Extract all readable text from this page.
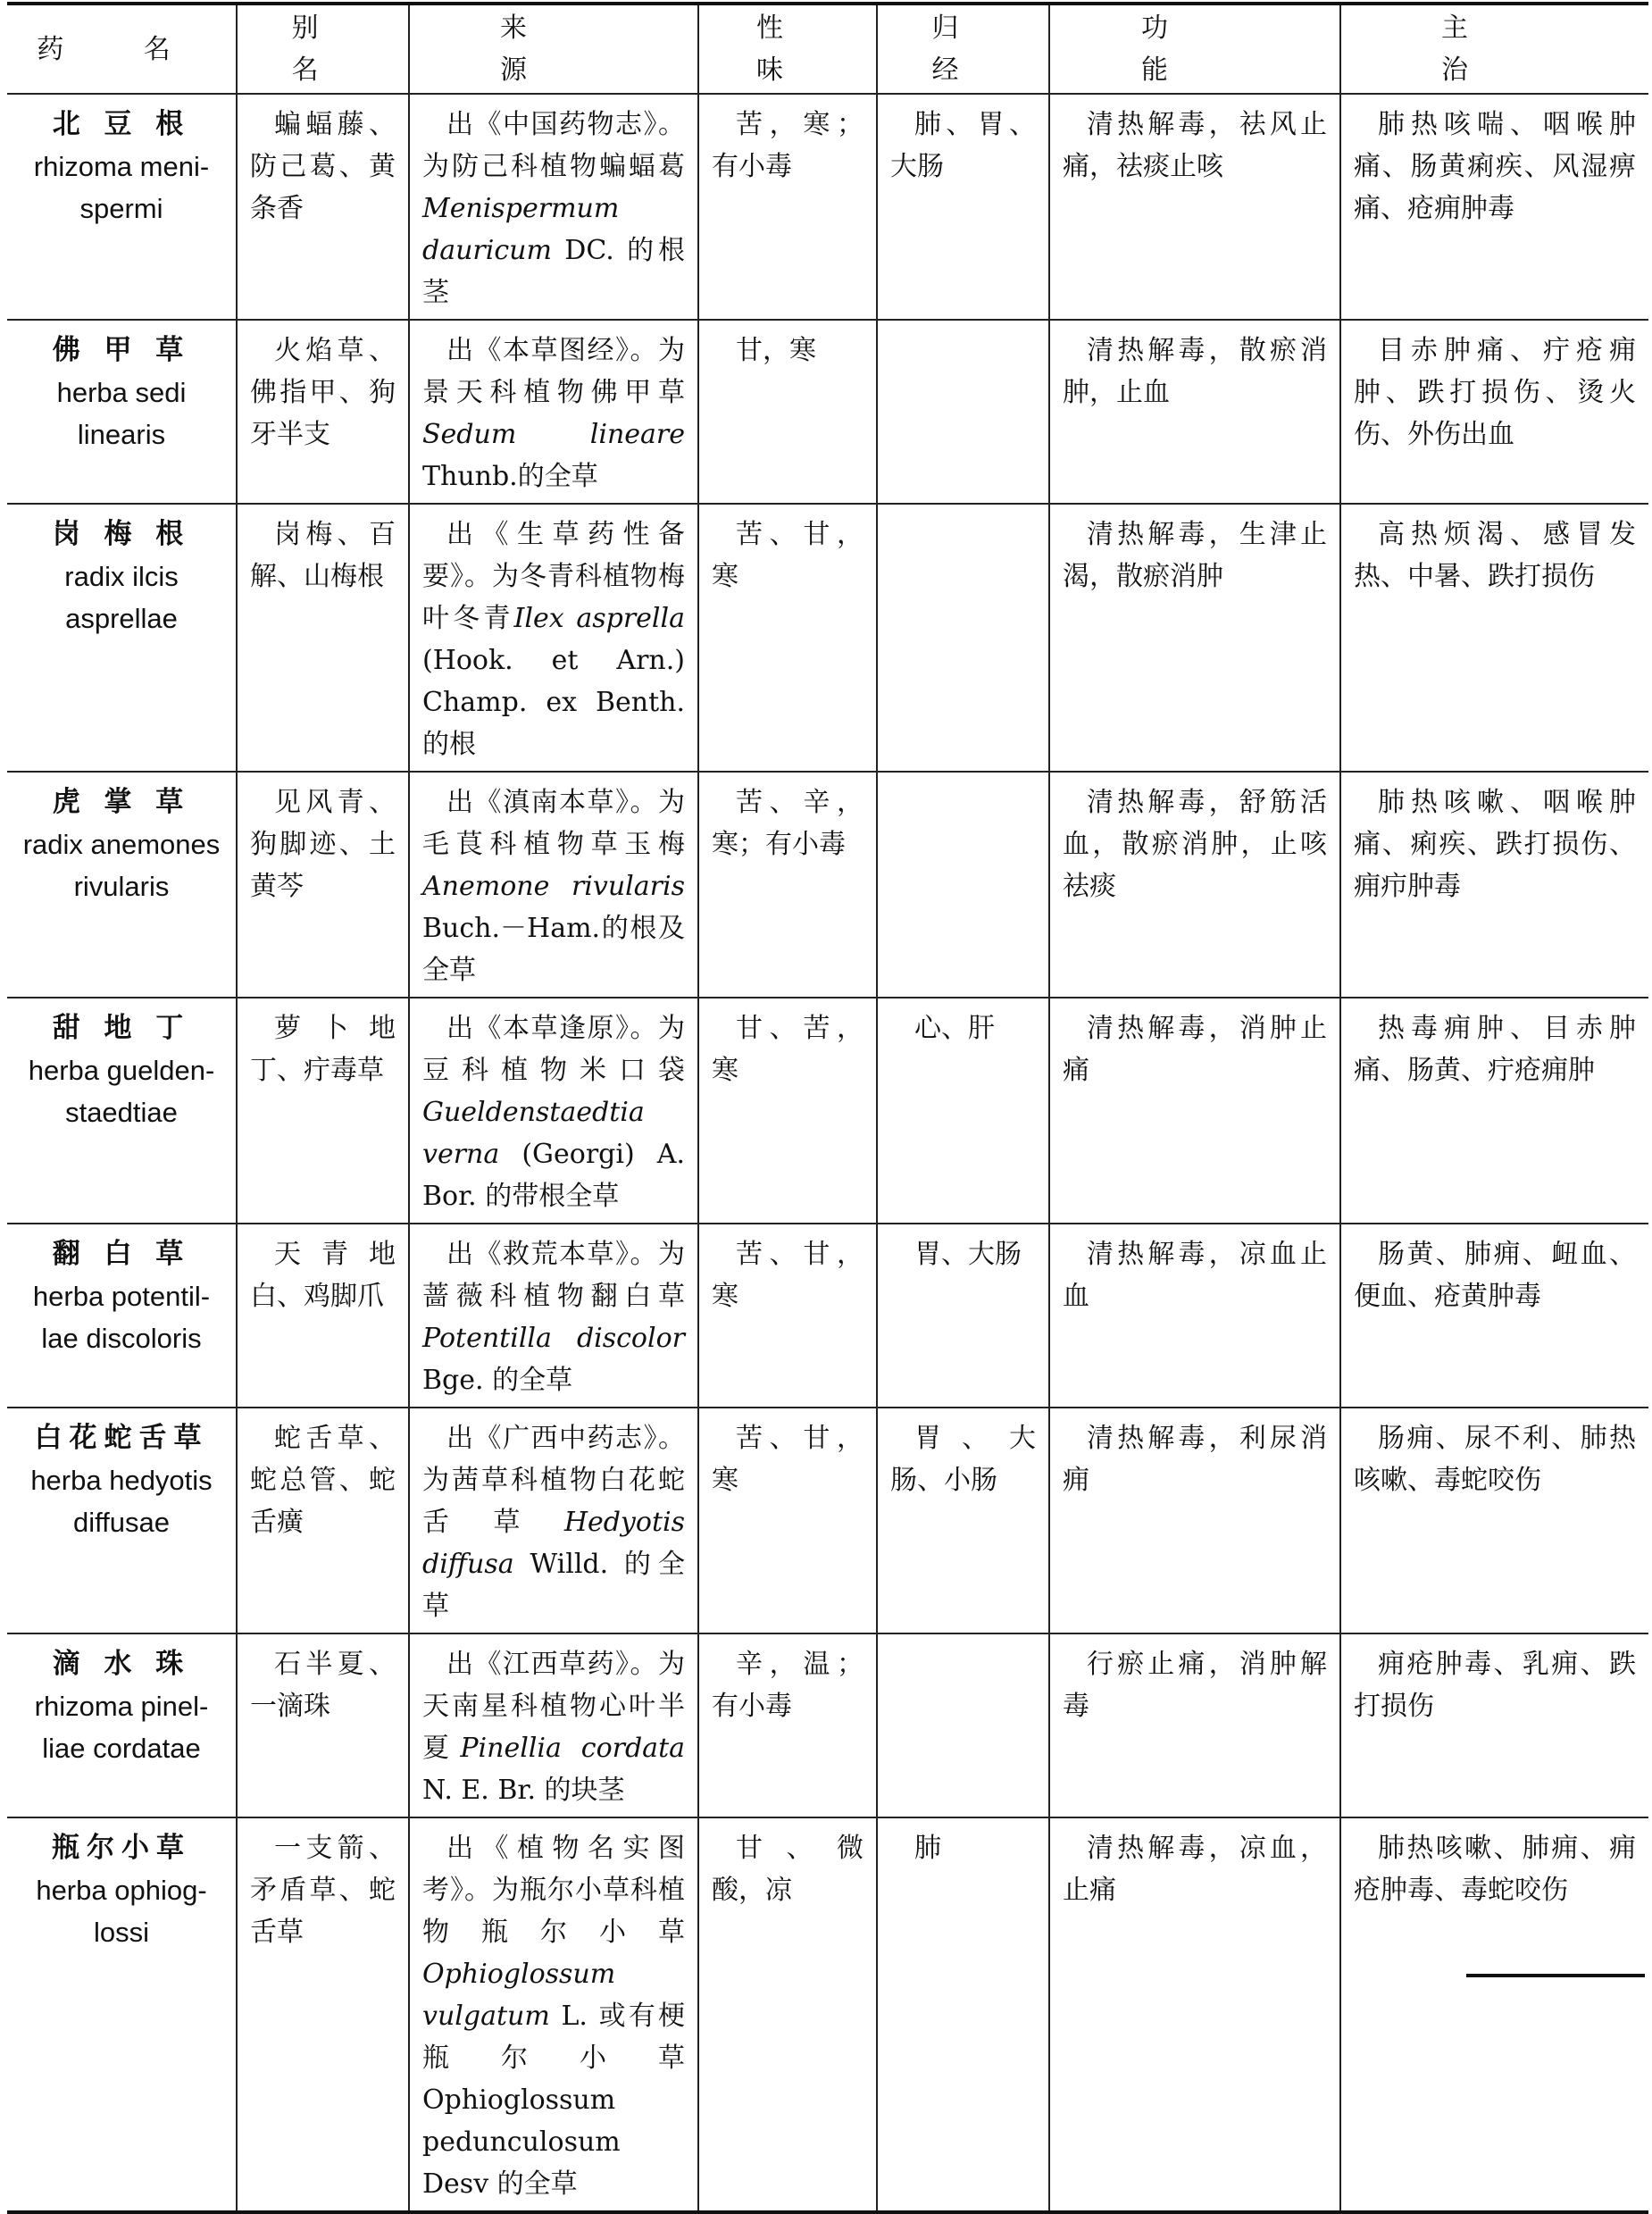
药 名	别 名	来 源	性 味	归 经	功 能	主 治

北 豆 根
rhizoma meni-spermi	蝙蝠藤、防己葛、黄条香	出《中国药物志》。为防己科植物蝙蝠葛Menispermum dauricum DC. 的根茎	苦，寒；有小毒	肺、胃、大肠	清热解毒，祛风止痛，祛痰止咳	肺热咳喘、咽喉肿痛、肠黄痢疾、风湿痹痛、疮痈肿毒

佛 甲 草
herba sedi linearis	火焰草、佛指甲、狗牙半支	出《本草图经》。为景天科植物佛甲草Sedum lineare Thunb.的全草	甘，寒		清热解毒，散瘀消肿，止血	目赤肿痛、疔疮痈肿、跌打损伤、烫火伤、外伤出血

岗 梅 根
radix ilcis asprellae	岗梅、百解、山梅根	出《生草药性备要》。为冬青科植物梅叶冬青Ilex asprella (Hook. et Arn.) Champ. ex Benth. 的根	苦、甘，寒		清热解毒，生津止渴，散瘀消肿	高热烦渴、感冒发热、中暑、跌打损伤

虎 掌 草
radix anemones rivularis	见风青、狗脚迹、土黄芩	出《滇南本草》。为毛茛科植物草玉梅Anemone rivularis Buch.－Ham.的根及全草	苦、辛，寒；有小毒		清热解毒，舒筋活血，散瘀消肿，止咳祛痰	肺热咳嗽、咽喉肿痛、痢疾、跌打损伤、痈疖肿毒

甜 地 丁
herba guelden-staedtiae	萝卜地丁、疔毒草	出《本草逢原》。为豆科植物米口袋Gueldenstaedtia verna (Georgi) A. Bor. 的带根全草	甘、苦，寒	心、肝	清热解毒，消肿止痛	热毒痈肿、目赤肿痛、肠黄、疔疮痈肿

翻 白 草
herba potentil-lae discoloris	天青地白、鸡脚爪	出《救荒本草》。为蔷薇科植物翻白草Potentilla discolor Bge. 的全草	苦、甘，寒	胃、大肠	清热解毒，凉血止血	肠黄、肺痈、衄血、便血、疮黄肿毒

白花蛇舌草
herba hedyotis diffusae	蛇舌草、蛇总管、蛇舌癀	出《广西中药志》。为茜草科植物白花蛇舌草Hedyotis diffusa Willd. 的全草	苦、甘，寒	胃、大肠、小肠	清热解毒，利尿消痈	肠痈、尿不利、肺热咳嗽、毒蛇咬伤

滴 水 珠
rhizoma pinel-liae cordatae	石半夏、一滴珠	出《江西草药》。为天南星科植物心叶半夏Pinellia cordata N. E. Br. 的块茎	辛，温；有小毒		行瘀止痛，消肿解毒	痈疮肿毒、乳痈、跌打损伤

瓶尔小草
herba ophiog-lossi	一支箭、矛盾草、蛇舌草	出《植物名实图考》。为瓶尔小草科植物瓶尔小草Ophioglossum vulgatum L. 或有梗瓶尔小草 Ophioglossum pedunculosum Desv 的全草	甘、微酸，凉	肺	清热解毒，凉血，止痛	肺热咳嗽、肺痈、痈疮肿毒、毒蛇咬伤
